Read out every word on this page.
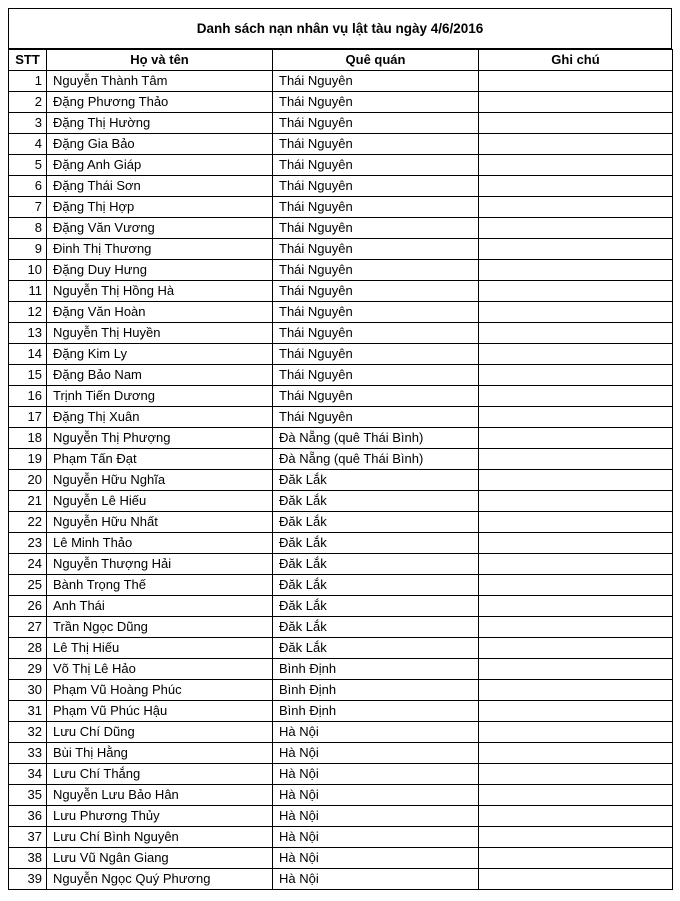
Danh sách nạn nhân vụ lật tàu ngày 4/6/2016
STT	Họ và tên	Quê quán	Ghi chú
1	Nguyễn Thành Tâm	Thái Nguyên	
2	Đặng Phương Thảo	Thái Nguyên	
3	Đặng Thị Hường	Thái Nguyên	
4	Đặng Gia Bảo	Thái Nguyên	
5	Đặng Anh Giáp	Thái Nguyên	
6	Đặng Thái Sơn	Thái Nguyên	
7	Đặng Thị Hợp	Thái Nguyên	
8	Đặng Văn Vương	Thái Nguyên	
9	Đinh Thị Thương	Thái Nguyên	
10	Đặng Duy Hưng	Thái Nguyên	
11	Nguyễn Thị Hồng Hà	Thái Nguyên	
12	Đặng Văn Hoàn	Thái Nguyên	
13	Nguyễn Thị Huyền	Thái Nguyên	
14	Đặng Kim Ly	Thái Nguyên	
15	Đặng Bảo Nam	Thái Nguyên	
16	Trịnh Tiến Dương	Thái Nguyên	
17	Đặng Thị Xuân	Thái Nguyên	
18	Nguyễn Thị Phượng	Đà Nẵng (quê Thái Bình)	
19	Phạm Tấn Đạt	Đà Nẵng (quê Thái Bình)	
20	Nguyễn Hữu Nghĩa	Đăk Lắk	
21	Nguyễn Lê Hiếu	Đăk Lắk	
22	Nguyễn Hữu Nhất	Đăk Lắk	
23	Lê Minh Thảo	Đăk Lắk	
24	Nguyễn Thượng Hải	Đăk Lắk	
25	Bành Trọng Thế	Đăk Lắk	
26	Anh Thái	Đăk Lắk	
27	Trần Ngọc Dũng	Đăk Lắk	
28	Lê Thị Hiếu	Đăk Lắk	
29	Võ Thị Lê Hảo	Bình Định	
30	Phạm Vũ Hoàng Phúc	Bình Định	
31	Phạm Vũ Phúc Hậu	Bình Định	
32	Lưu Chí Dũng	Hà Nội	
33	Bùi Thị Hằng	Hà Nội	
34	Lưu Chí Thắng	Hà Nội	
35	Nguyễn Lưu Bảo Hân	Hà Nội	
36	Lưu Phương Thủy	Hà Nội	
37	Lưu Chí Bình Nguyên	Hà Nội	
38	Lưu Vũ Ngân Giang	Hà Nội	
39	Nguyễn Ngọc Quý Phương	Hà Nội	
